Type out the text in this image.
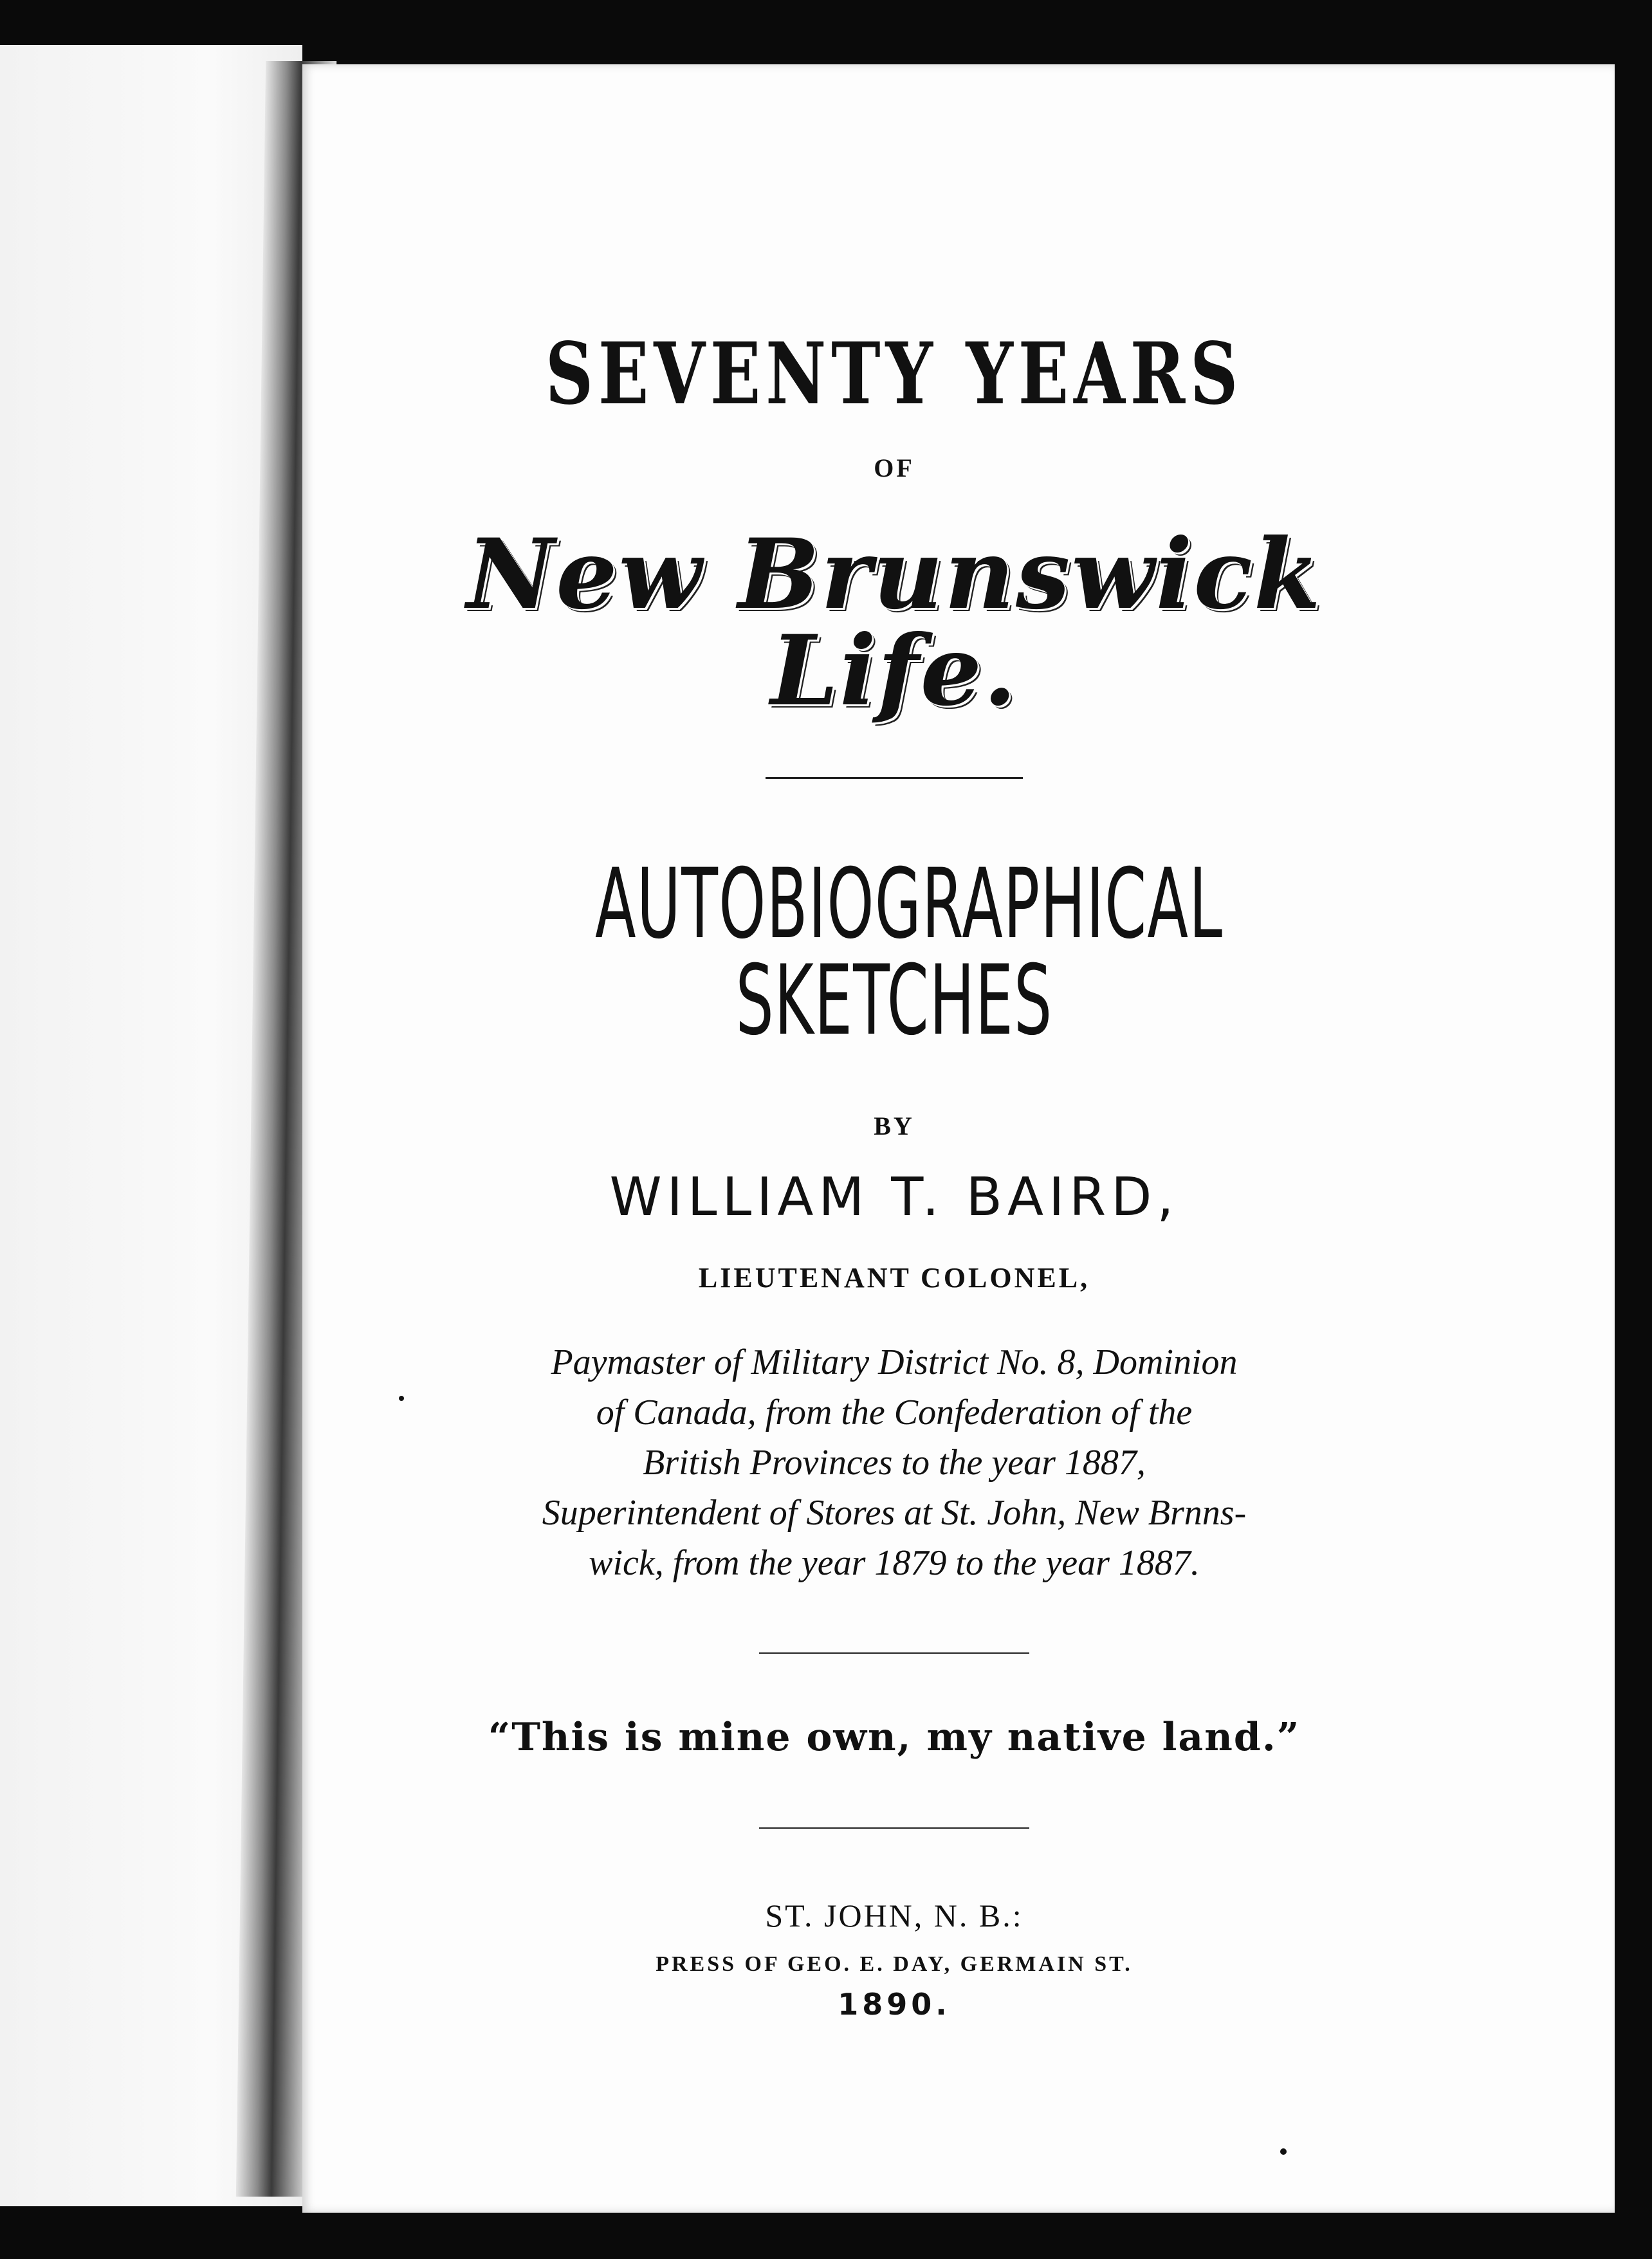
SEVENTY YEARS
OF
New Brunswick Life.
AUTOBIOGRAPHICAL SKETCHES
BY
WILLIAM T. BAIRD,
LIEUTENANT COLONEL,
Paymaster of Military District No. 8, Dominion
of Canada, from the Confederation of the
British Provinces to the year 1887,
Superintendent of Stores at St. John, New Brnns-
wick, from the year 1879 to the year 1887.
“This is mine own, my native land.”
ST. JOHN, N. B.:
PRESS OF GEO. E. DAY, GERMAIN ST.
1890.
